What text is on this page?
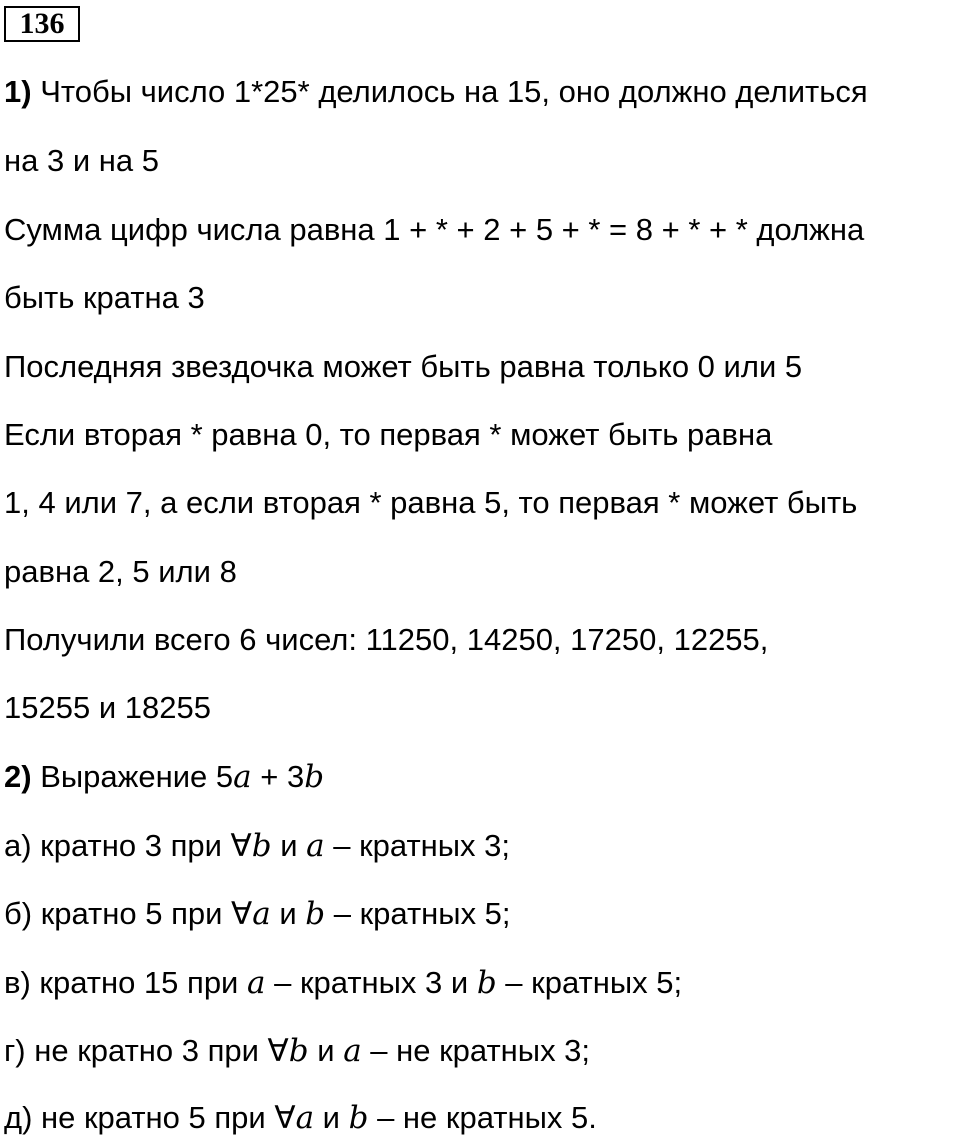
136
1) Чтобы число 1*25* делилось на 15, оно должно делиться
на 3 и на 5
Сумма цифр числа равна 1 + * + 2 + 5 + * = 8 + * + * должна
быть кратна 3
Последняя звездочка может быть равна только 0 или 5
Если вторая * равна 0, то первая * может быть равна
1, 4 или 7, а если вторая * равна 5, то первая * может быть
равна 2, 5 или 8
Получили всего 6 чисел: 11250, 14250, 17250, 12255,
15255 и 18255
2) Выражение 5a + 3b
а) кратно 3 при ∀b и a – кратных 3;
б) кратно 5 при ∀a и b – кратных 5;
в) кратно 15 при a – кратных 3 и b – кратных 5;
г) не кратно 3 при ∀b и a – не кратных 3;
д) не кратно 5 при ∀a и b – не кратных 5.
